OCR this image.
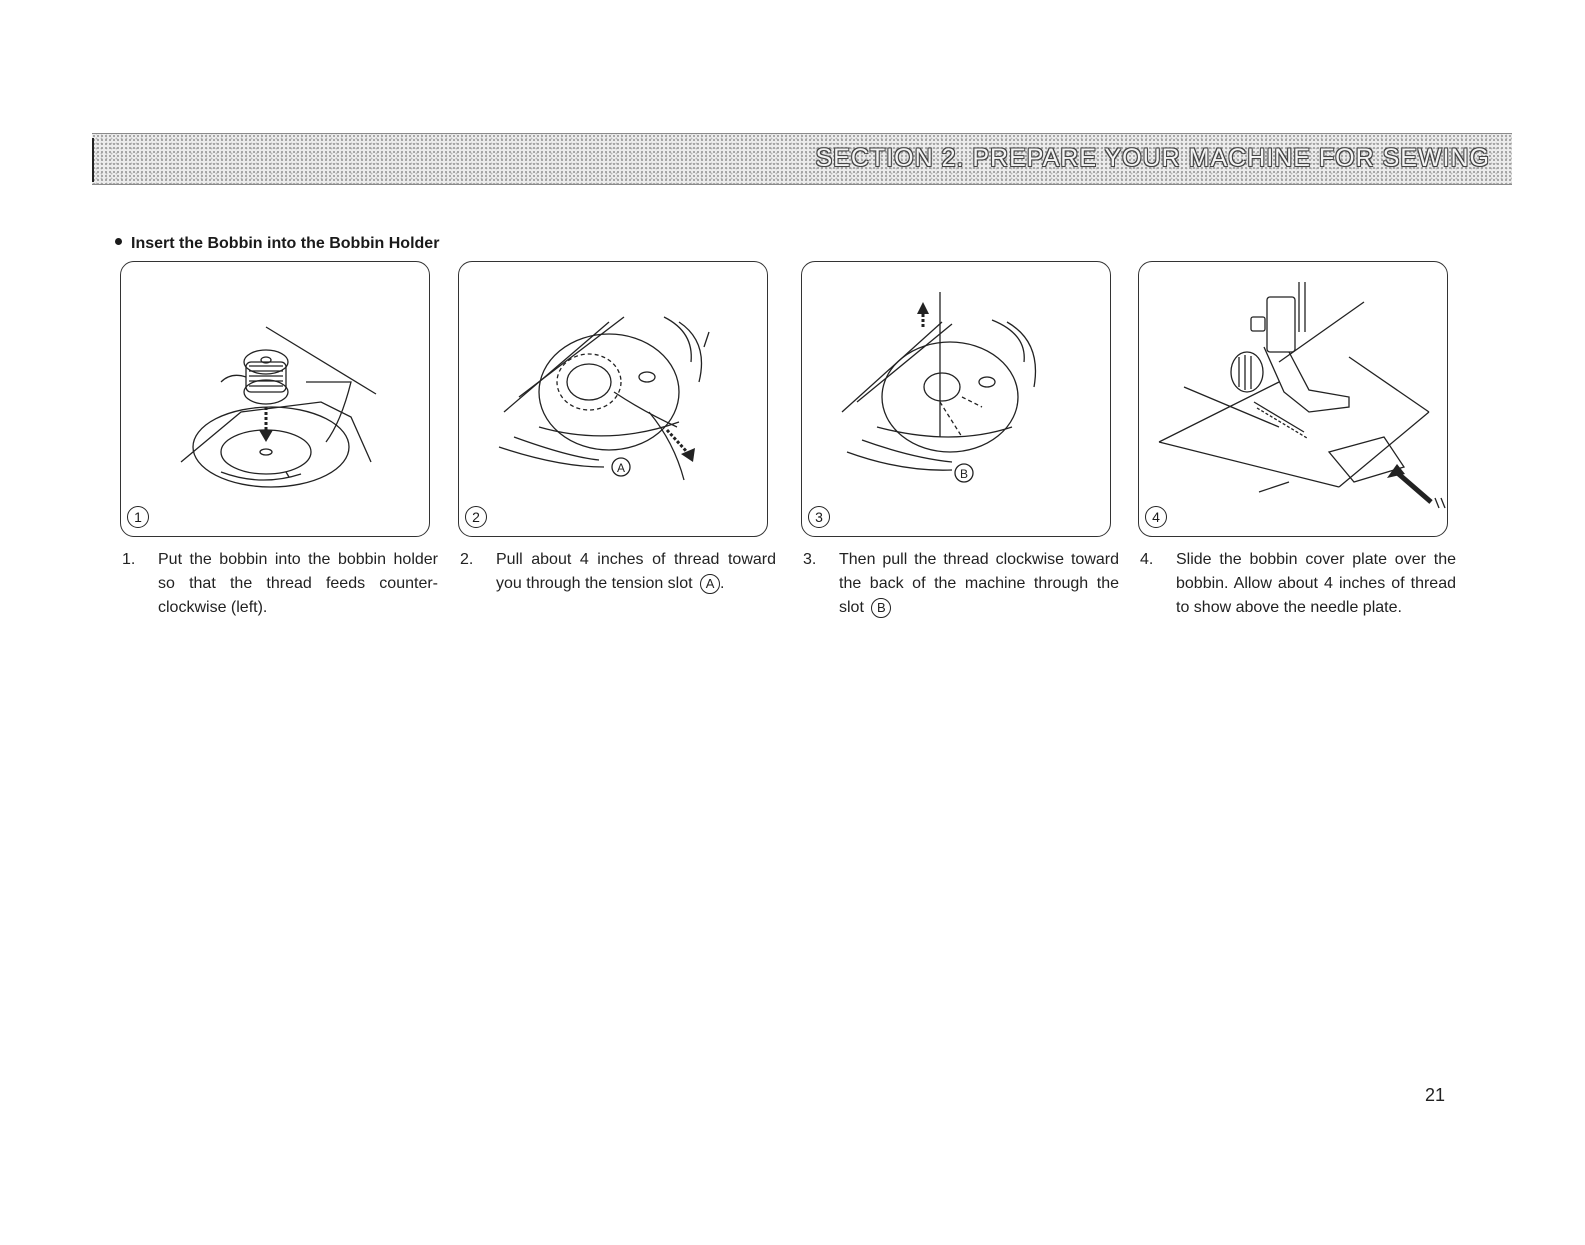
SECTION 2. PREPARE YOUR MACHINE FOR SEWING
Insert the Bobbin into the Bobbin Holder
1
A
2
B
3	4
1. Put the bobbin into the bobbin holder so that the thread feeds counter-clockwise (left).
2. Pull about 4 inches of thread toward you through the tension slot A .
3. Then pull the thread clockwise toward the back of the machine through the slot B
4. Slide the bobbin cover plate over the bobbin. Allow about 4 inches of thread to show above the needle plate.
21
